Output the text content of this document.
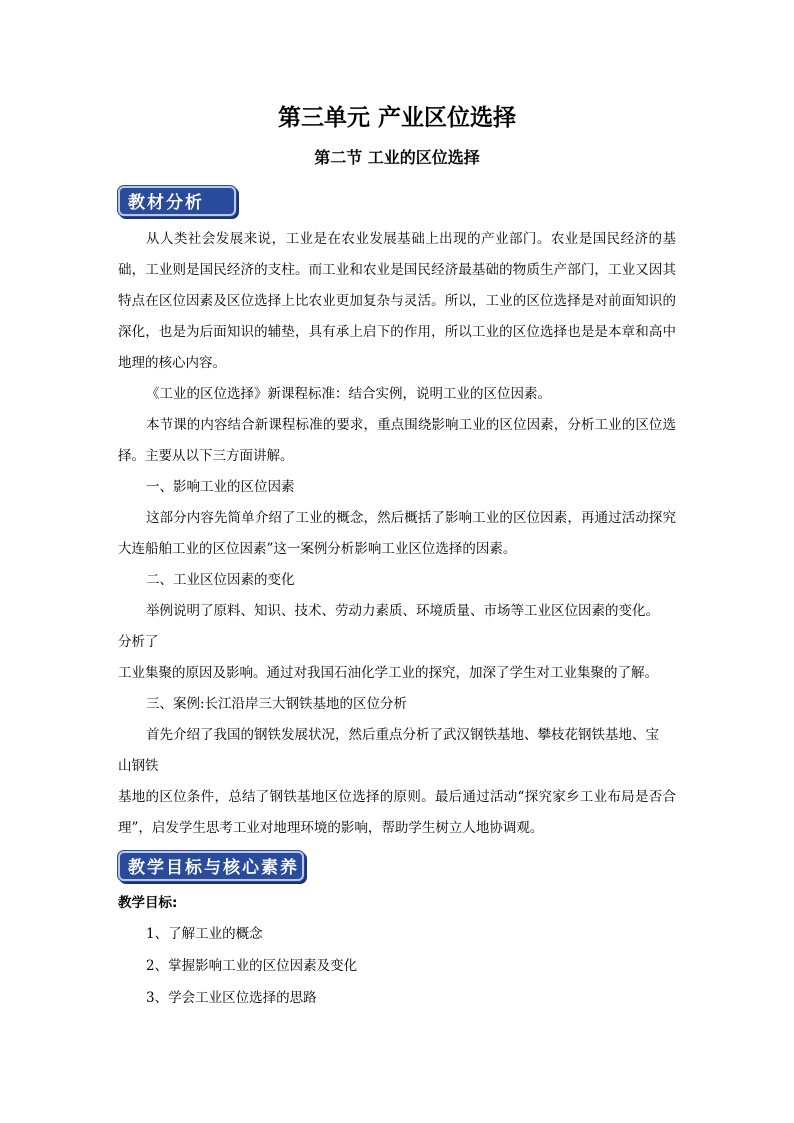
第三单元 产业区位选择
第二节 工业的区位选择
教材分析

从人类社会发展来说，工业是在农业发展基础上出现的产业部门。农业是国民经济的基础，工业则是国民经济的支柱。而工业和农业是国民经济最基础的物质生产部门，工业又因其特点在区位因素及区位选择上比农业更加复杂与灵活。所以，工业的区位选择是对前面知识的深化，也是为后面知识的辅垫，具有承上启下的作用，所以工业的区位选择也是是本章和高中地理的核心内容。

《工业的区位选择》新课程标准：结合实例，说明工业的区位因素。

本节课的内容结合新课程标准的要求，重点围绕影响工业的区位因素，分析工业的区位选择。主要从以下三方面讲解。

一、影响工业的区位因素

这部分内容先简单介绍了工业的概念，然后概括了影响工业的区位因素，再通过活动探究大连船舶工业的区位因素”这一案例分析影响工业区位选择的因素。

二、工业区位因素的变化

举例说明了原料、知识、技术、劳动力素质、环境质量、市场等工业区位因素的变化。

分析了

工业集聚的原因及影响。通过对我国石油化学工业的探究，加深了学生对工业集聚的了解。

三、案例:长江沿岸三大钢铁基地的区位分析

首先介绍了我国的钢铁发展状况，然后重点分析了武汉钢铁基地、攀枝花钢铁基地、宝

山钢铁

基地的区位条件，总结了钢铁基地区位选择的原则。最后通过活动“探究家乡工业布局是否合理”，启发学生思考工业对地理环境的影响，帮助学生树立人地协调观。

教学目标与核心素养

教学目标:

1、了解工业的概念
2、掌握影响工业的区位因素及变化
3、学会工业区位选择的思路
